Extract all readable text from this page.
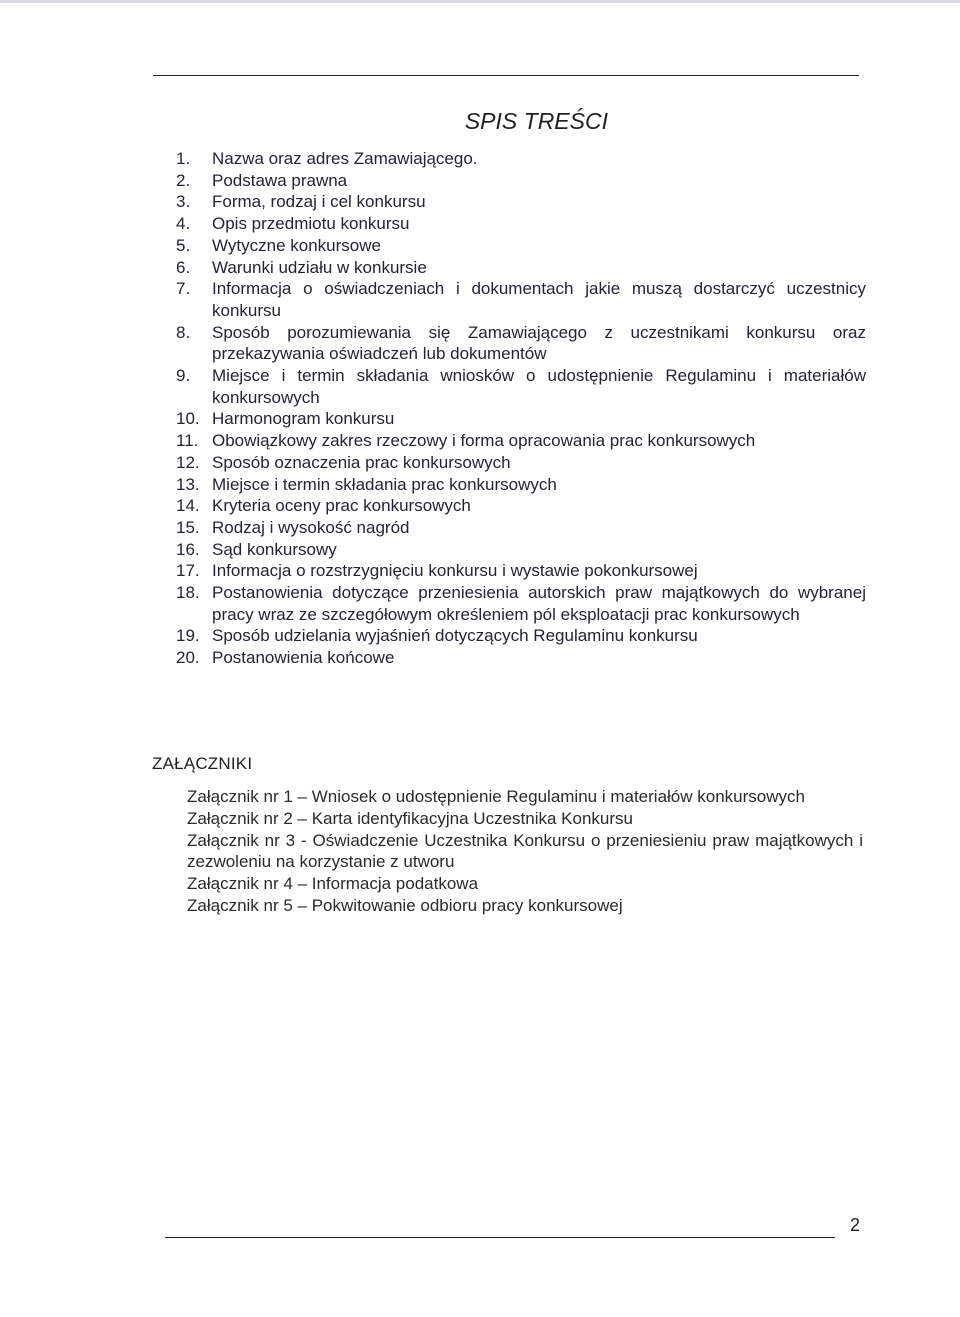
SPIS TREŚCI
1.	Nazwa oraz adres Zamawiającego.
2.	Podstawa prawna
3.	Forma, rodzaj i cel konkursu
4.	Opis przedmiotu konkursu
5.	Wytyczne konkursowe
6.	Warunki udziału w konkursie
7.	Informacja o oświadczeniach i dokumentach jakie muszą dostarczyć uczestnicy konkursu
8.	Sposób porozumiewania się Zamawiającego z uczestnikami konkursu oraz przekazywania oświadczeń lub dokumentów
9.	Miejsce i termin składania wniosków o udostępnienie Regulaminu i materiałów konkursowych
10. Harmonogram konkursu
11. Obowiązkowy zakres rzeczowy i forma opracowania prac konkursowych
12. Sposób oznaczenia prac konkursowych
13. Miejsce i termin składania prac konkursowych
14. Kryteria oceny prac konkursowych
15. Rodzaj i wysokość nagród
16. Sąd konkursowy
17. Informacja o rozstrzygnięciu konkursu i wystawie pokonkursowej
18. Postanowienia dotyczące przeniesienia autorskich praw majątkowych do wybranej pracy wraz ze szczegółowym określeniem pól eksploatacji prac konkursowych
19. Sposób udzielania wyjaśnień dotyczących Regulaminu konkursu
20. Postanowienia końcowe
ZAŁĄCZNIKI
Załącznik nr 1 – Wniosek o udostępnienie Regulaminu i materiałów konkursowych
Załącznik nr 2 – Karta identyfikacyjna Uczestnika Konkursu
Załącznik nr 3 - Oświadczenie Uczestnika Konkursu o przeniesieniu praw majątkowych i zezwoleniu na korzystanie z utworu
Załącznik nr 4 – Informacja podatkowa
Załącznik nr 5 – Pokwitowanie odbioru pracy konkursowej
2
